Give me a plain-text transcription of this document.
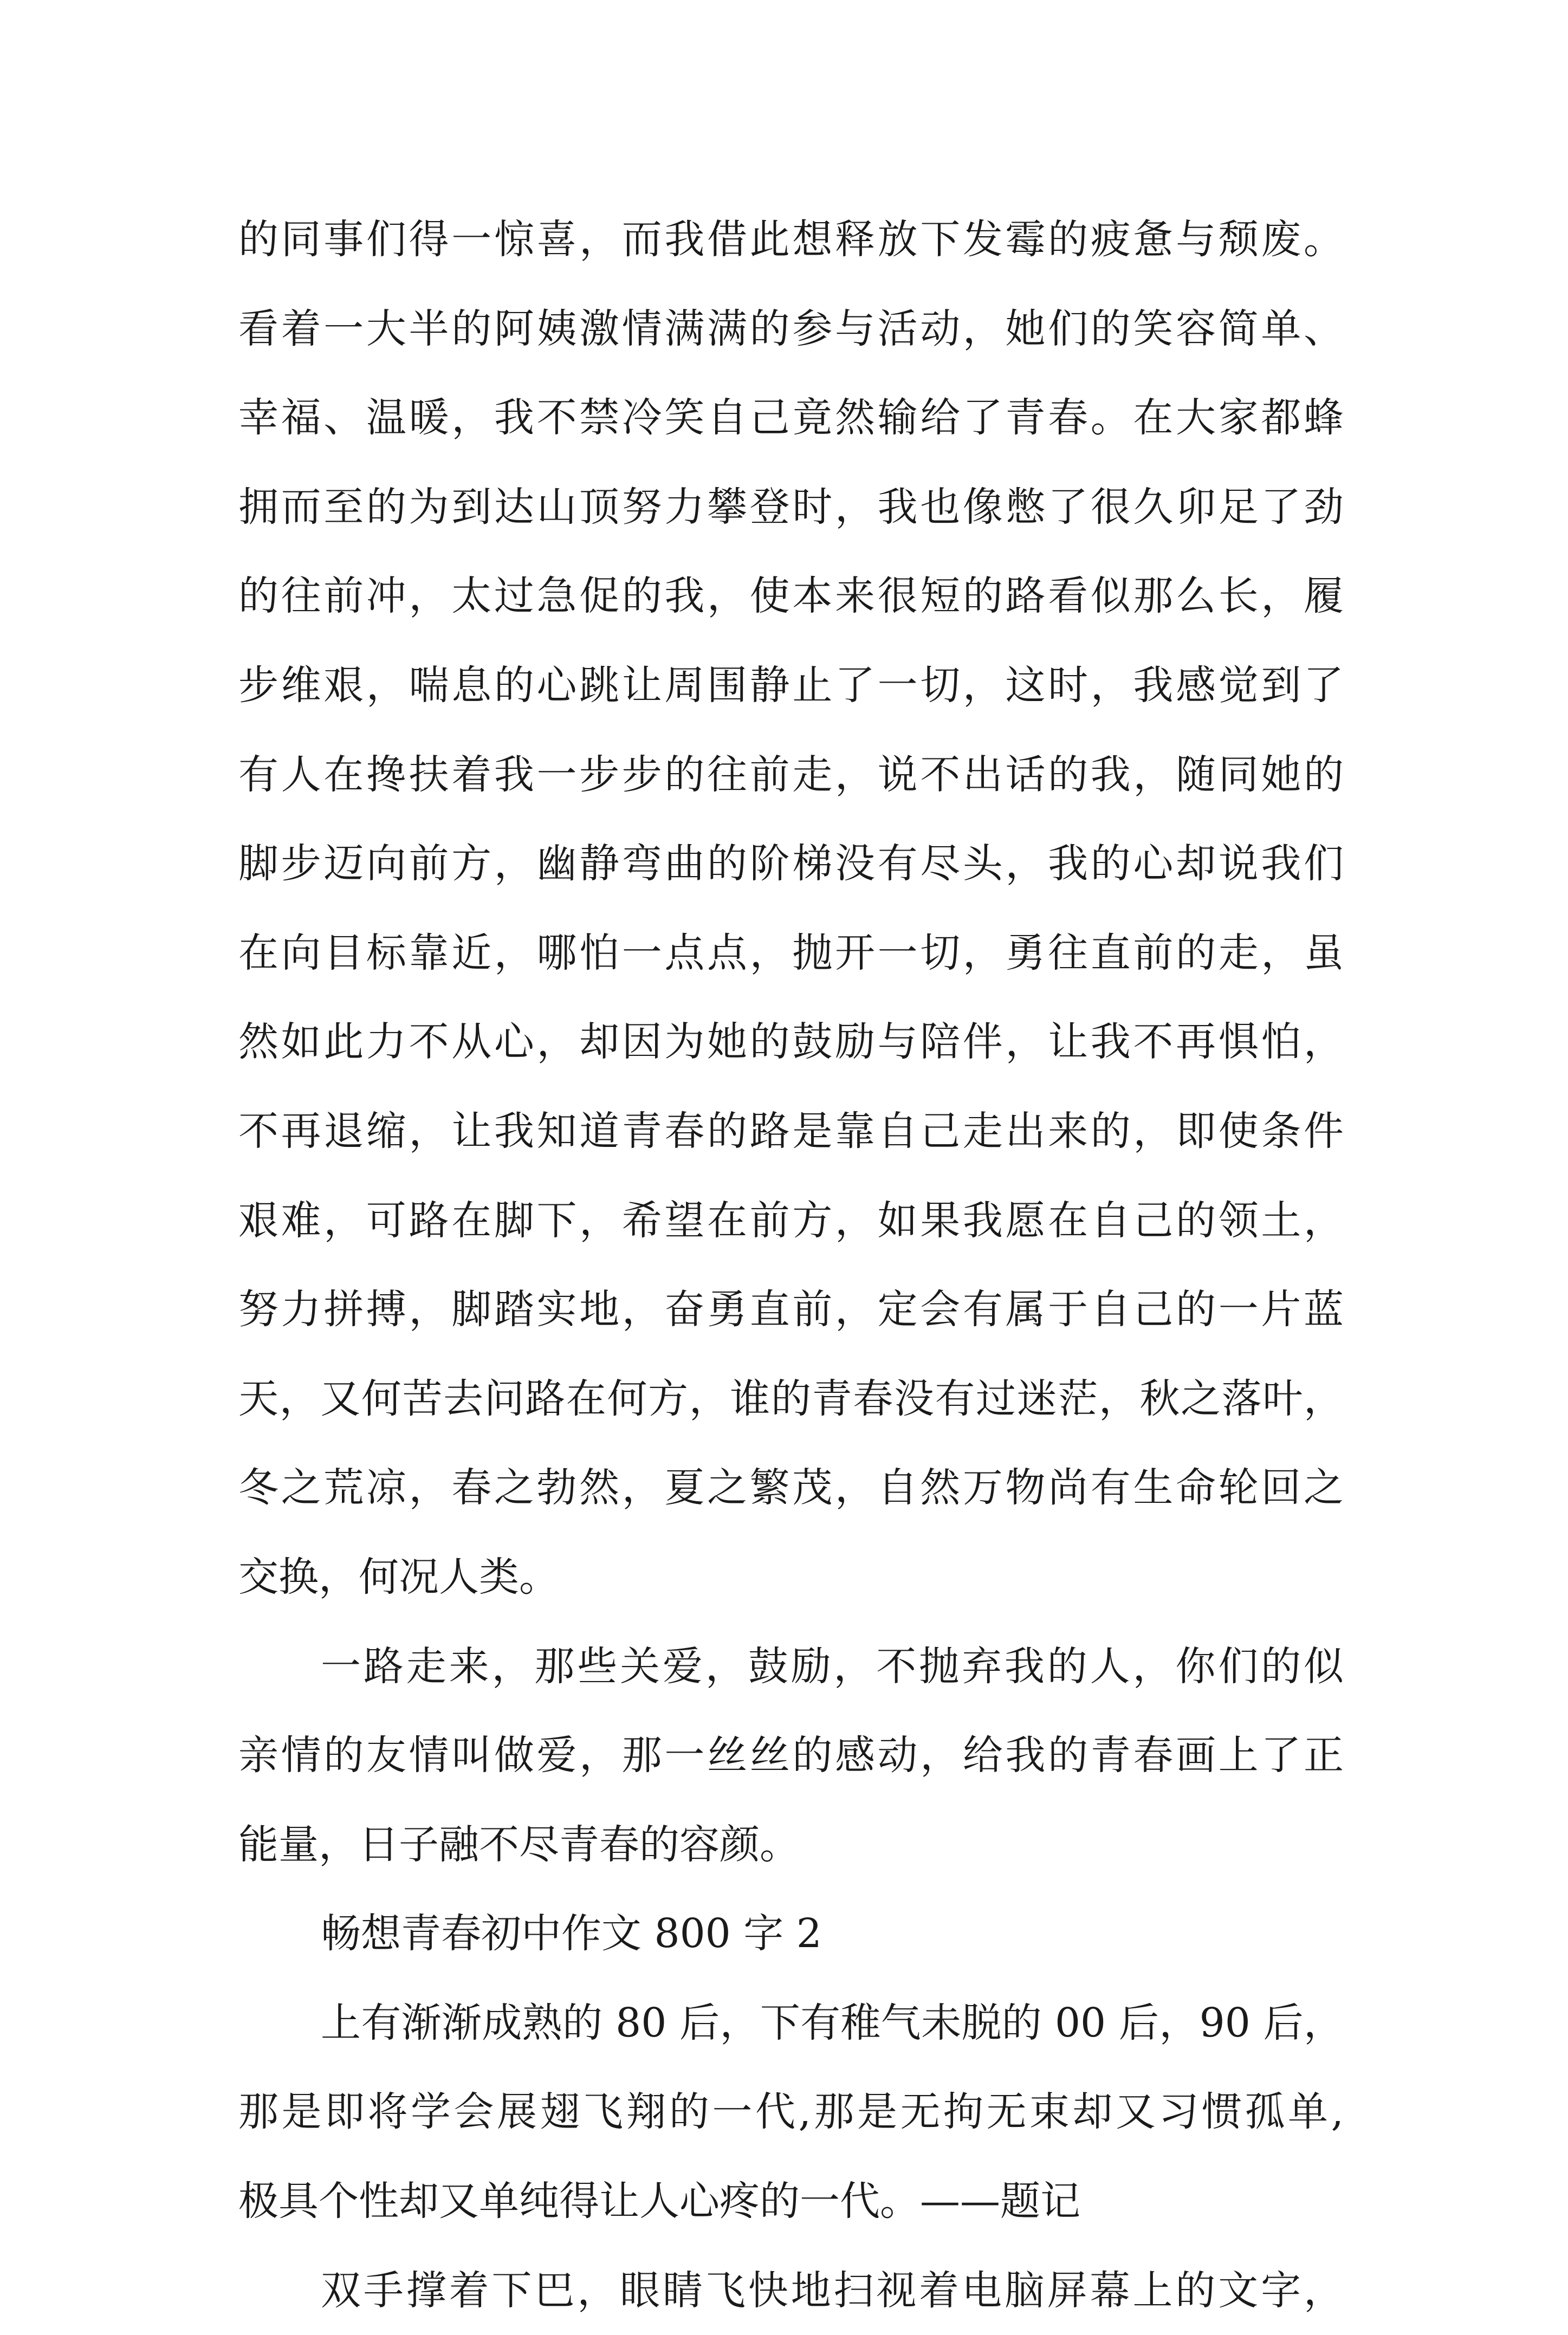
的同事们得一惊喜，而我借此想释放下发霉的疲惫与颓废。
看着一大半的阿姨激情满满的参与活动，她们的笑容简单、
幸福、温暖，我不禁冷笑自己竟然输给了青春。在大家都蜂
拥而至的为到达山顶努力攀登时，我也像憋了很久卯足了劲
的往前冲，太过急促的我，使本来很短的路看似那么长，履
步维艰，喘息的心跳让周围静止了一切，这时，我感觉到了
有人在搀扶着我一步步的往前走，说不出话的我，随同她的
脚步迈向前方，幽静弯曲的阶梯没有尽头，我的心却说我们
在向目标靠近，哪怕一点点，抛开一切，勇往直前的走，虽
然如此力不从心，却因为她的鼓励与陪伴，让我不再惧怕，
不再退缩，让我知道青春的路是靠自己走出来的，即使条件
艰难，可路在脚下，希望在前方，如果我愿在自己的领土，
努力拼搏，脚踏实地，奋勇直前，定会有属于自己的一片蓝
天，又何苦去问路在何方，谁的青春没有过迷茫，秋之落叶，
冬之荒凉，春之勃然，夏之繁茂，自然万物尚有生命轮回之
交换，何况人类。
一路走来，那些关爱，鼓励，不抛弃我的人，你们的似
亲情的友情叫做爱，那一丝丝的感动，给我的青春画上了正
能量，日子融不尽青春的容颜。
畅想青春初中作文 800 字 2
上有渐渐成熟的 80 后，下有稚气未脱的 00 后，90 后，
那是即将学会展翅飞翔的一代,那是无拘无束却又习惯孤单,
极具个性却又单纯得让人心疼的一代。——题记
双手撑着下巴，眼睛飞快地扫视着电脑屏幕上的文字，
